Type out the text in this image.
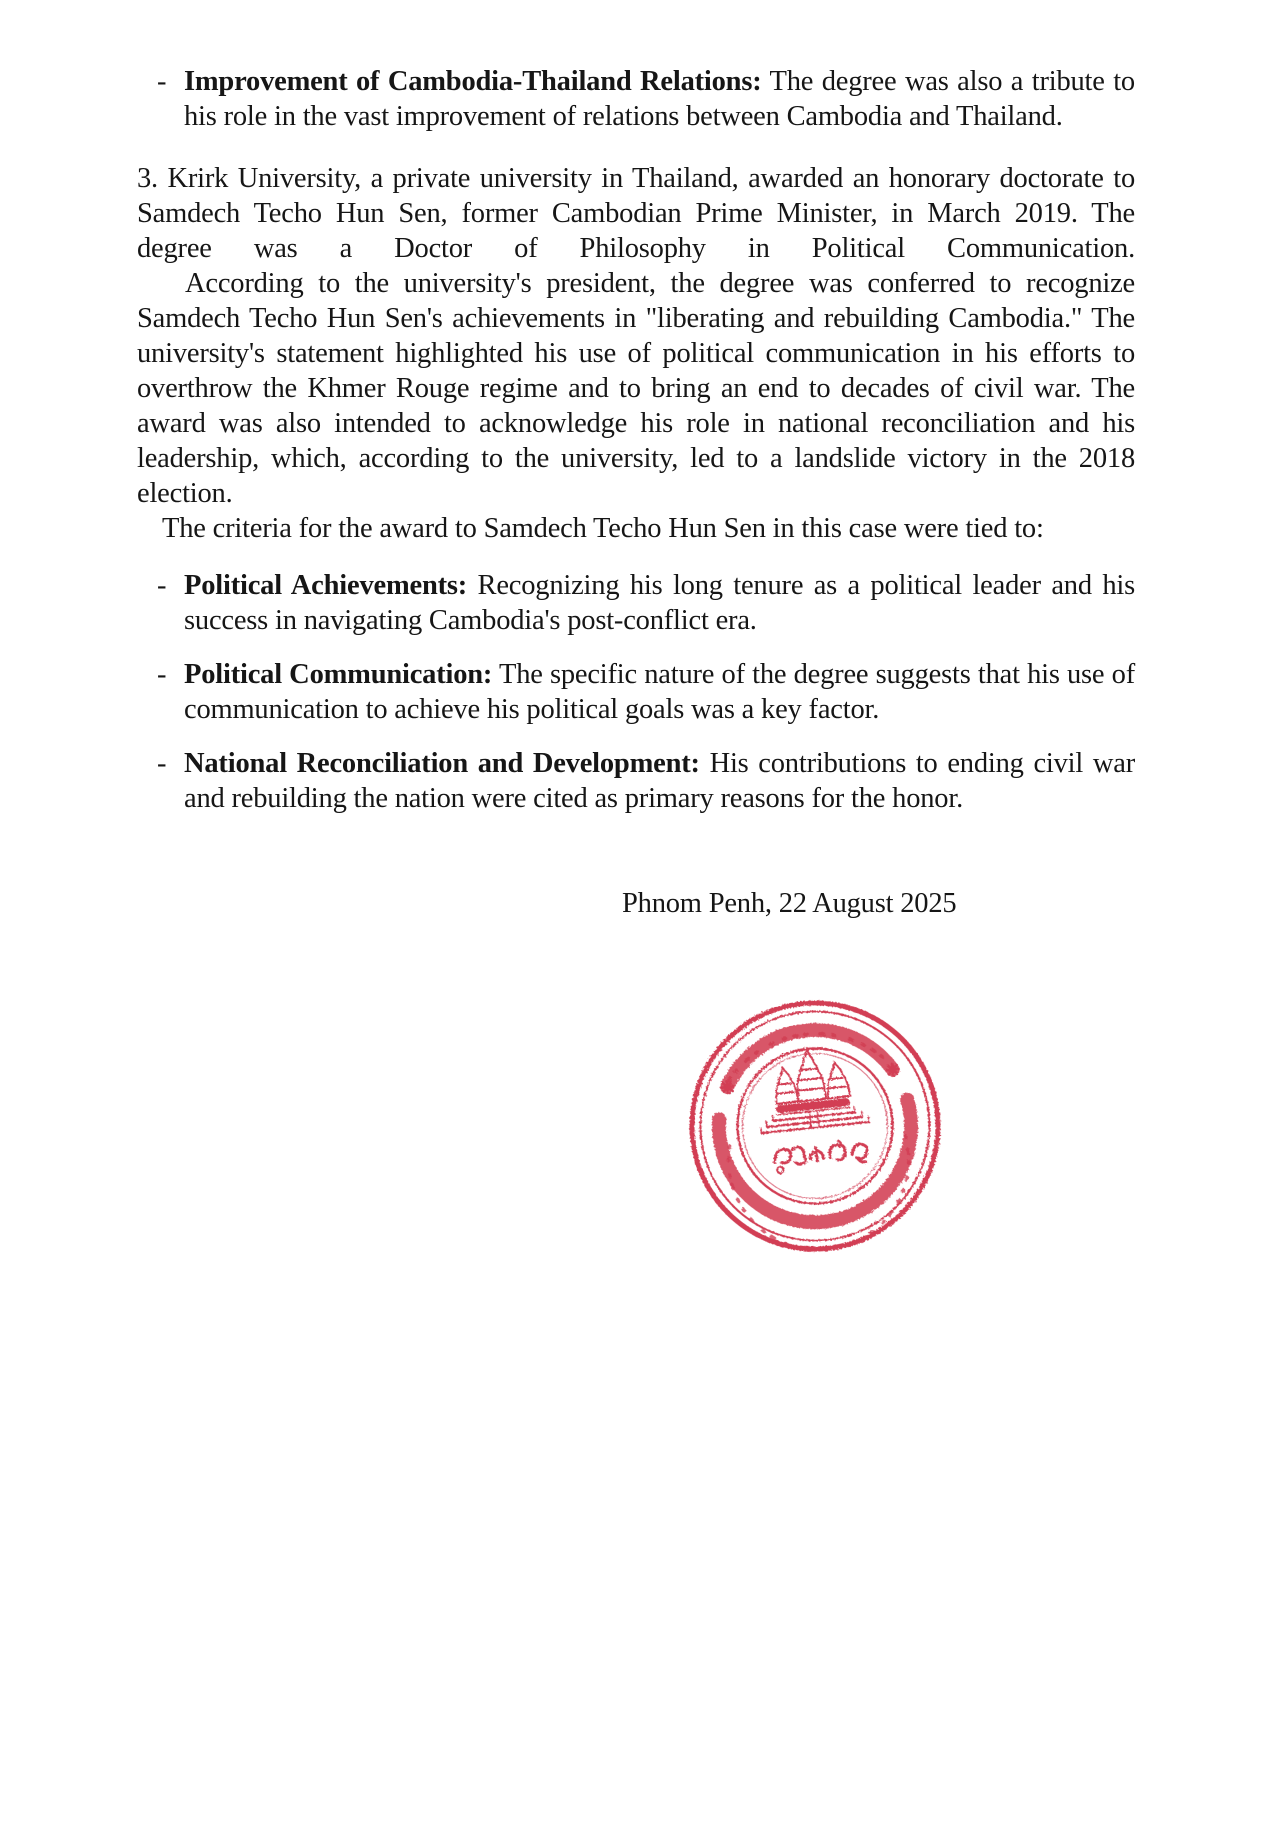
- Improvement of Cambodia-Thailand Relations: The degree was also a tribute to his role in the vast improvement of relations between Cambodia and Thailand.

3. Krirk University, a private university in Thailand, awarded an honorary doctorate to Samdech Techo Hun Sen, former Cambodian Prime Minister, in March 2019. The degree was a Doctor of Philosophy in Political Communication.

According to the university's president, the degree was conferred to recognize Samdech Techo Hun Sen's achievements in "liberating and rebuilding Cambodia." The university's statement highlighted his use of political communication in his efforts to overthrow the Khmer Rouge regime and to bring an end to decades of civil war. The award was also intended to acknowledge his role in national reconciliation and his leadership, which, according to the university, led to a landslide victory in the 2018 election.

The criteria for the award to Samdech Techo Hun Sen in this case were tied to:

- Political Achievements: Recognizing his long tenure as a political leader and his success in navigating Cambodia's post-conflict era.

- Political Communication: The specific nature of the degree suggests that his use of communication to achieve his political goals was a key factor.

- National Reconciliation and Development: His contributions to ending civil war and rebuilding the nation were cited as primary reasons for the honor.

Phnom Penh, 22 August 2025
